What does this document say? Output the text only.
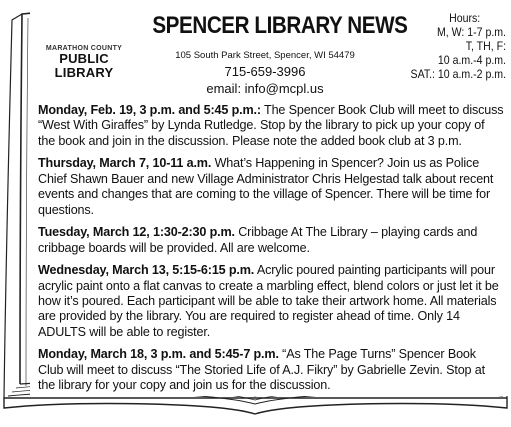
MARATHON COUNTY
PUBLIC LIBRARY
SPENCER LIBRARY NEWS
105 South Park Street, Spencer, WI 54479
715-659-3996
email: info@mcpl.us
Hours:
M, W: 1-7 p.m.
T, TH, F:
10 a.m.-4 p.m.
SAT.: 10 a.m.-2 p.m.

Monday, Feb. 19, 3 p.m. and 5:45 p.m.: The Spencer Book Club will meet to discuss “West With Giraffes” by Lynda Rutledge. Stop by the library to pick up your copy of the book and join in the discussion. Please note the added book club at 3 p.m.

Thursday, March 7, 10-11 a.m. What’s Happening in Spencer? Join us as Police Chief Shawn Bauer and new Village Administrator Chris Helgestad talk about recent events and changes that are coming to the village of Spencer. There will be time for questions.

Tuesday, March 12, 1:30-2:30 p.m. Cribbage At The Library – playing cards and cribbage boards will be provided. All are welcome.

Wednesday, March 13, 5:15-6:15 p.m. Acrylic poured painting participants will pour acrylic paint onto a flat canvas to create a marbling effect, blend colors or just let it be how it’s poured. Each participant will be able to take their artwork home. All materials are provided by the library. You are required to register ahead of time. Only 14 ADULTS will be able to register.

Monday, March 18, 3 p.m. and 5:45-7 p.m. “As The Page Turns” Spencer Book Club will meet to discuss “The Storied Life of A.J. Fikry” by Gabrielle Zevin. Stop at the library for your copy and join us for the discussion.
